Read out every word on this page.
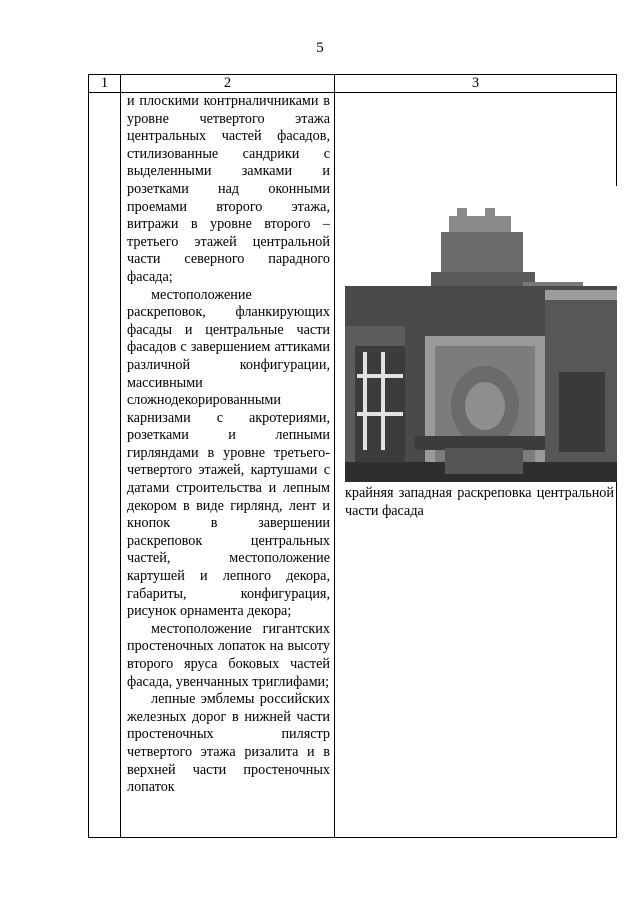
5
1	2	3

	и плоскими контрналичниками в уровне четвертого этажа центральных частей фасадов, стилизованные сандрики с выделенными замками и розетками над оконными проемами второго этажа, витражи в уровне второго – третьего этажей центральной части северного парадного фасада;

местоположение раскреповок, фланкирующих фасады и центральные части фасадов с завершением аттиками различной конфигурации, массивными сложнодекорированными карнизами с акротериями, розетками и лепными гирляндами в уровне третьего-четвертого этажей, картушами с датами строительства и лепным декором в виде гирлянд, лент и кнопок в завершении раскреповок центральных частей, местоположение картушей и лепного декора, габариты, конфигурация, рисунок орнамента декора;

местоположение гигантских простеночных лопаток на высоту второго яруса боковых частей фасада, увенчанных триглифами;

лепные эмблемы российских железных дорог в нижней части простеночных пилястр четвертого этажа ризалита и в верхней части простеночных лопаток	крайняя западная раскреповка центральной части фасада
